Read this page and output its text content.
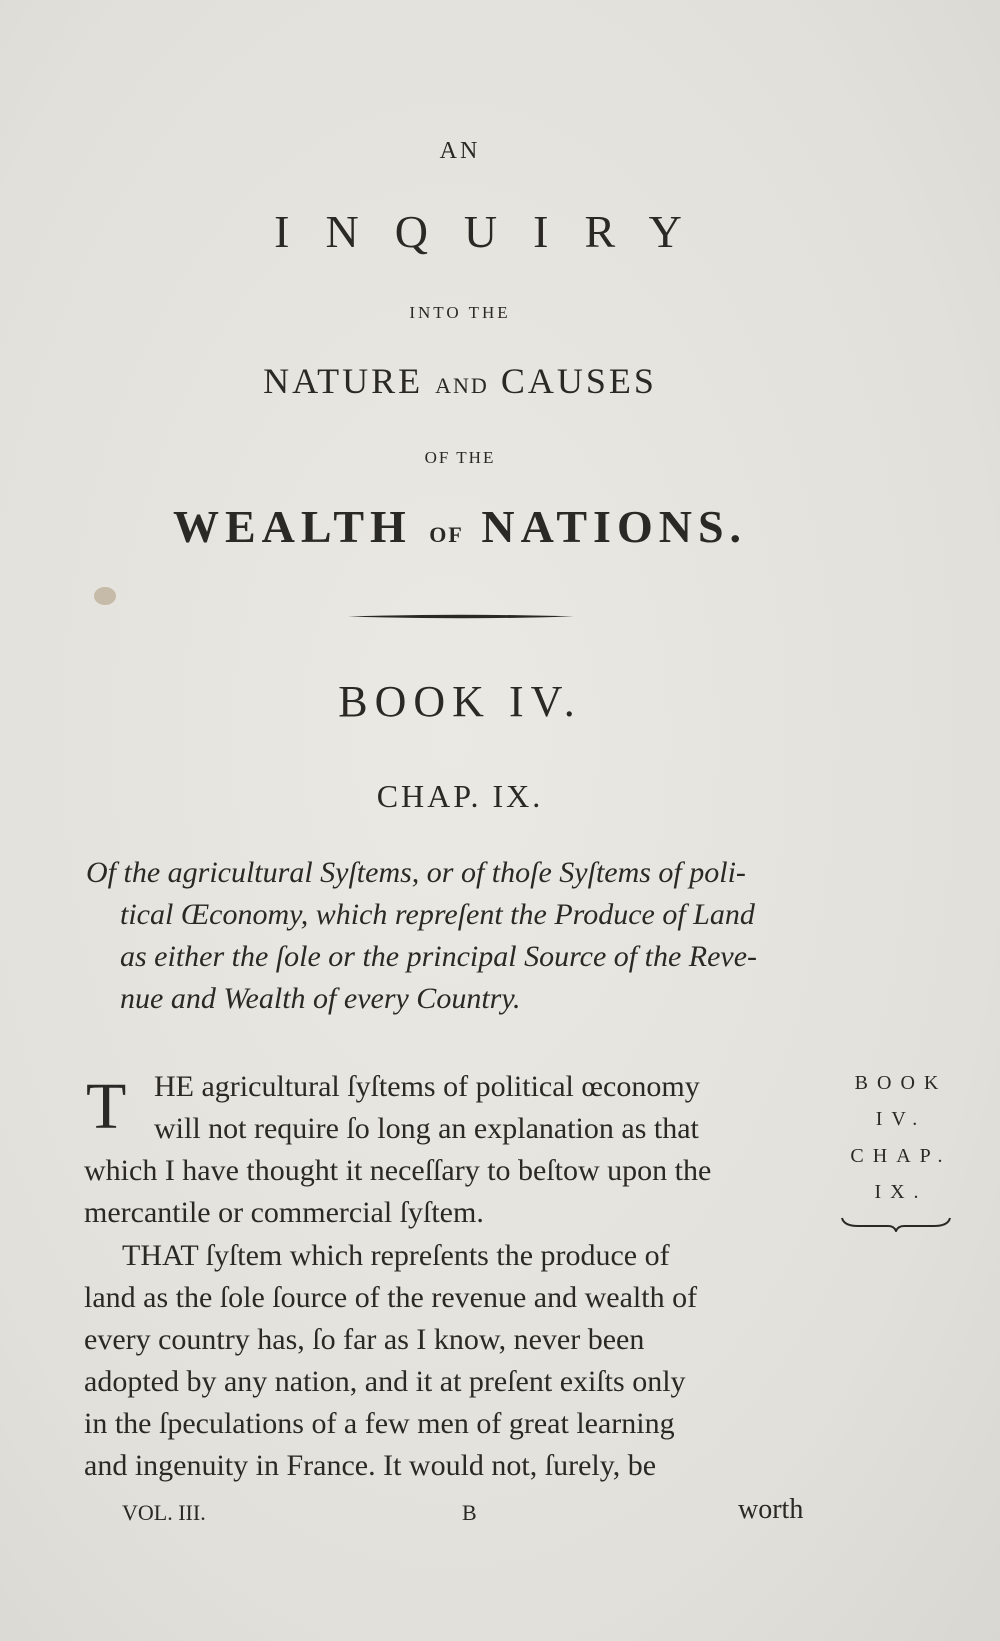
AN
INQUIRY
INTO THE
NATURE AND CAUSES
OF THE
WEALTH OF NATIONS.
BOOK IV.
CHAP. IX.
Of the agricultural Syſtems, or of thoſe Syſtems of poli-
tical Œconomy, which repreſent the Produce of Land
as either the ſole or the principal Source of the Reve-
nue and Wealth of every Country.
T HE agricultural ſyſtems of political œconomy
will not require ſo long an explanation as that
which I have thought it neceſſary to beſtow upon the
mercantile or commercial ſyſtem.
THAT ſyſtem which repreſents the produce of
land as the ſole ſource of the revenue and wealth of
every country has, ſo far as I know, never been
adopted by any nation, and it at preſent exiſts only
in the ſpeculations of a few men of great learning
and ingenuity in France. It would not, ſurely, be
BOOK
IV.
CHAP.
IX.
VOL. III.	B	worth
